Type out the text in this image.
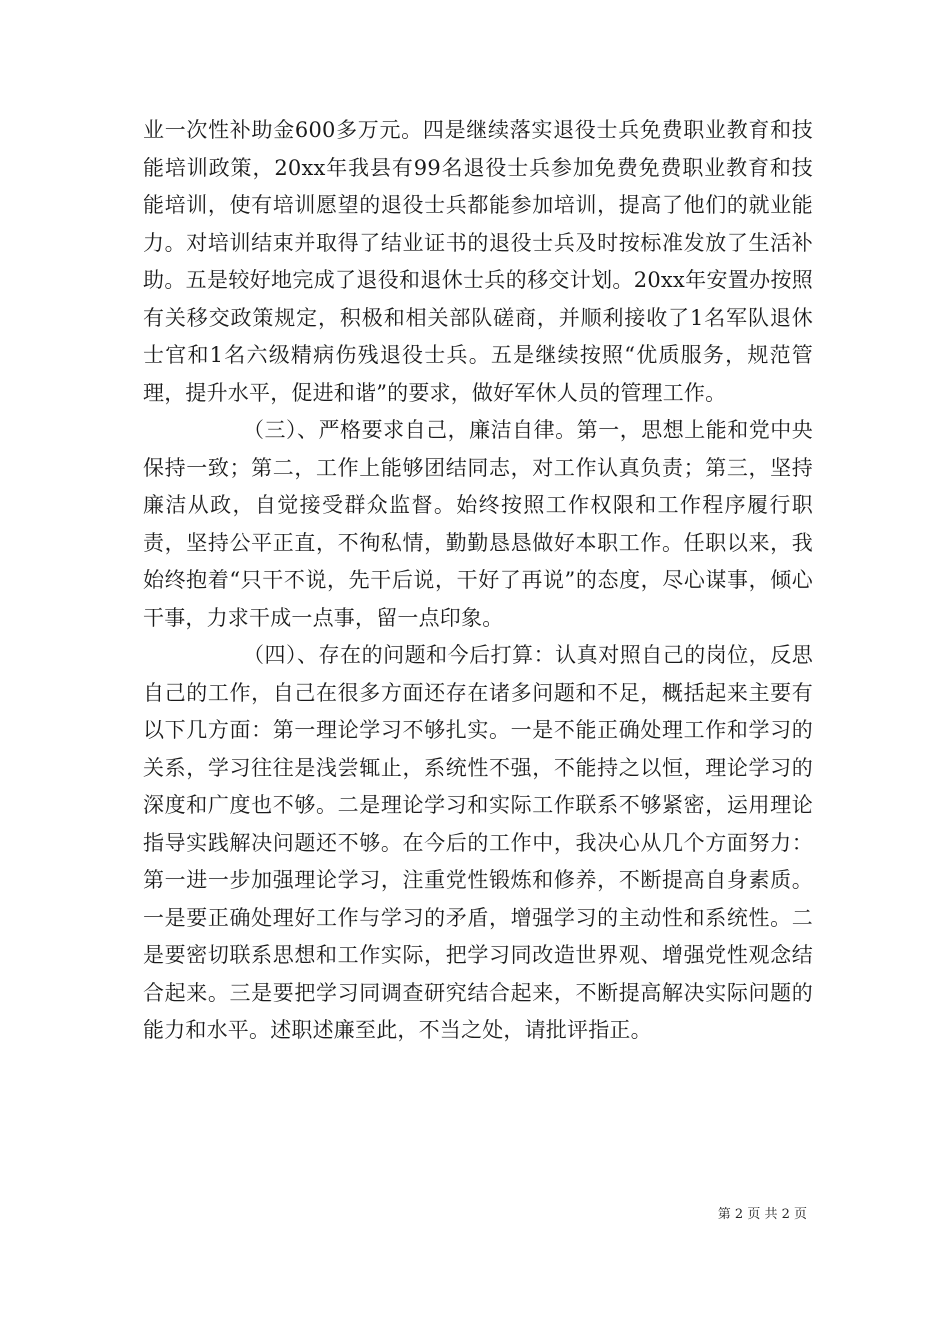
业一次性补助金600多万元。四是继续落实退役士兵免费职业教育和技能培训政策，20xx年我县有99名退役士兵参加免费免费职业教育和技能培训，使有培训愿望的退役士兵都能参加培训，提高了他们的就业能力。对培训结束并取得了结业证书的退役士兵及时按标准发放了生活补助。五是较好地完成了退役和退休士兵的移交计划。20xx年安置办按照有关移交政策规定，积极和相关部队磋商，并顺利接收了1名军队退休士官和1名六级精病伤残退役士兵。五是继续按照“优质服务，规范管理，提升水平，促进和谐”的要求，做好军休人员的管理工作。

（三）、严格要求自己，廉洁自律。第一，思想上能和党中央保持一致；第二，工作上能够团结同志，对工作认真负责；第三，坚持廉洁从政，自觉接受群众监督。始终按照工作权限和工作程序履行职责，坚持公平正直，不徇私情，勤勤恳恳做好本职工作。任职以来，我始终抱着“只干不说，先干后说，干好了再说”的态度，尽心谋事，倾心干事，力求干成一点事，留一点印象。

（四）、存在的问题和今后打算：认真对照自己的岗位，反思自己的工作，自己在很多方面还存在诸多问题和不足，概括起来主要有以下几方面：第一理论学习不够扎实。一是不能正确处理工作和学习的关系，学习往往是浅尝辄止，系统性不强，不能持之以恒，理论学习的深度和广度也不够。二是理论学习和实际工作联系不够紧密，运用理论指导实践解决问题还不够。在今后的工作中，我决心从几个方面努力：第一进一步加强理论学习，注重党性锻炼和修养，不断提高自身素质。一是要正确处理好工作与学习的矛盾，增强学习的主动性和系统性。二是要密切联系思想和工作实际，把学习同改造世界观、增强党性观念结合起来。三是要把学习同调查研究结合起来，不断提高解决实际问题的能力和水平。述职述廉至此，不当之处，请批评指正。

第 2 页 共 2 页
